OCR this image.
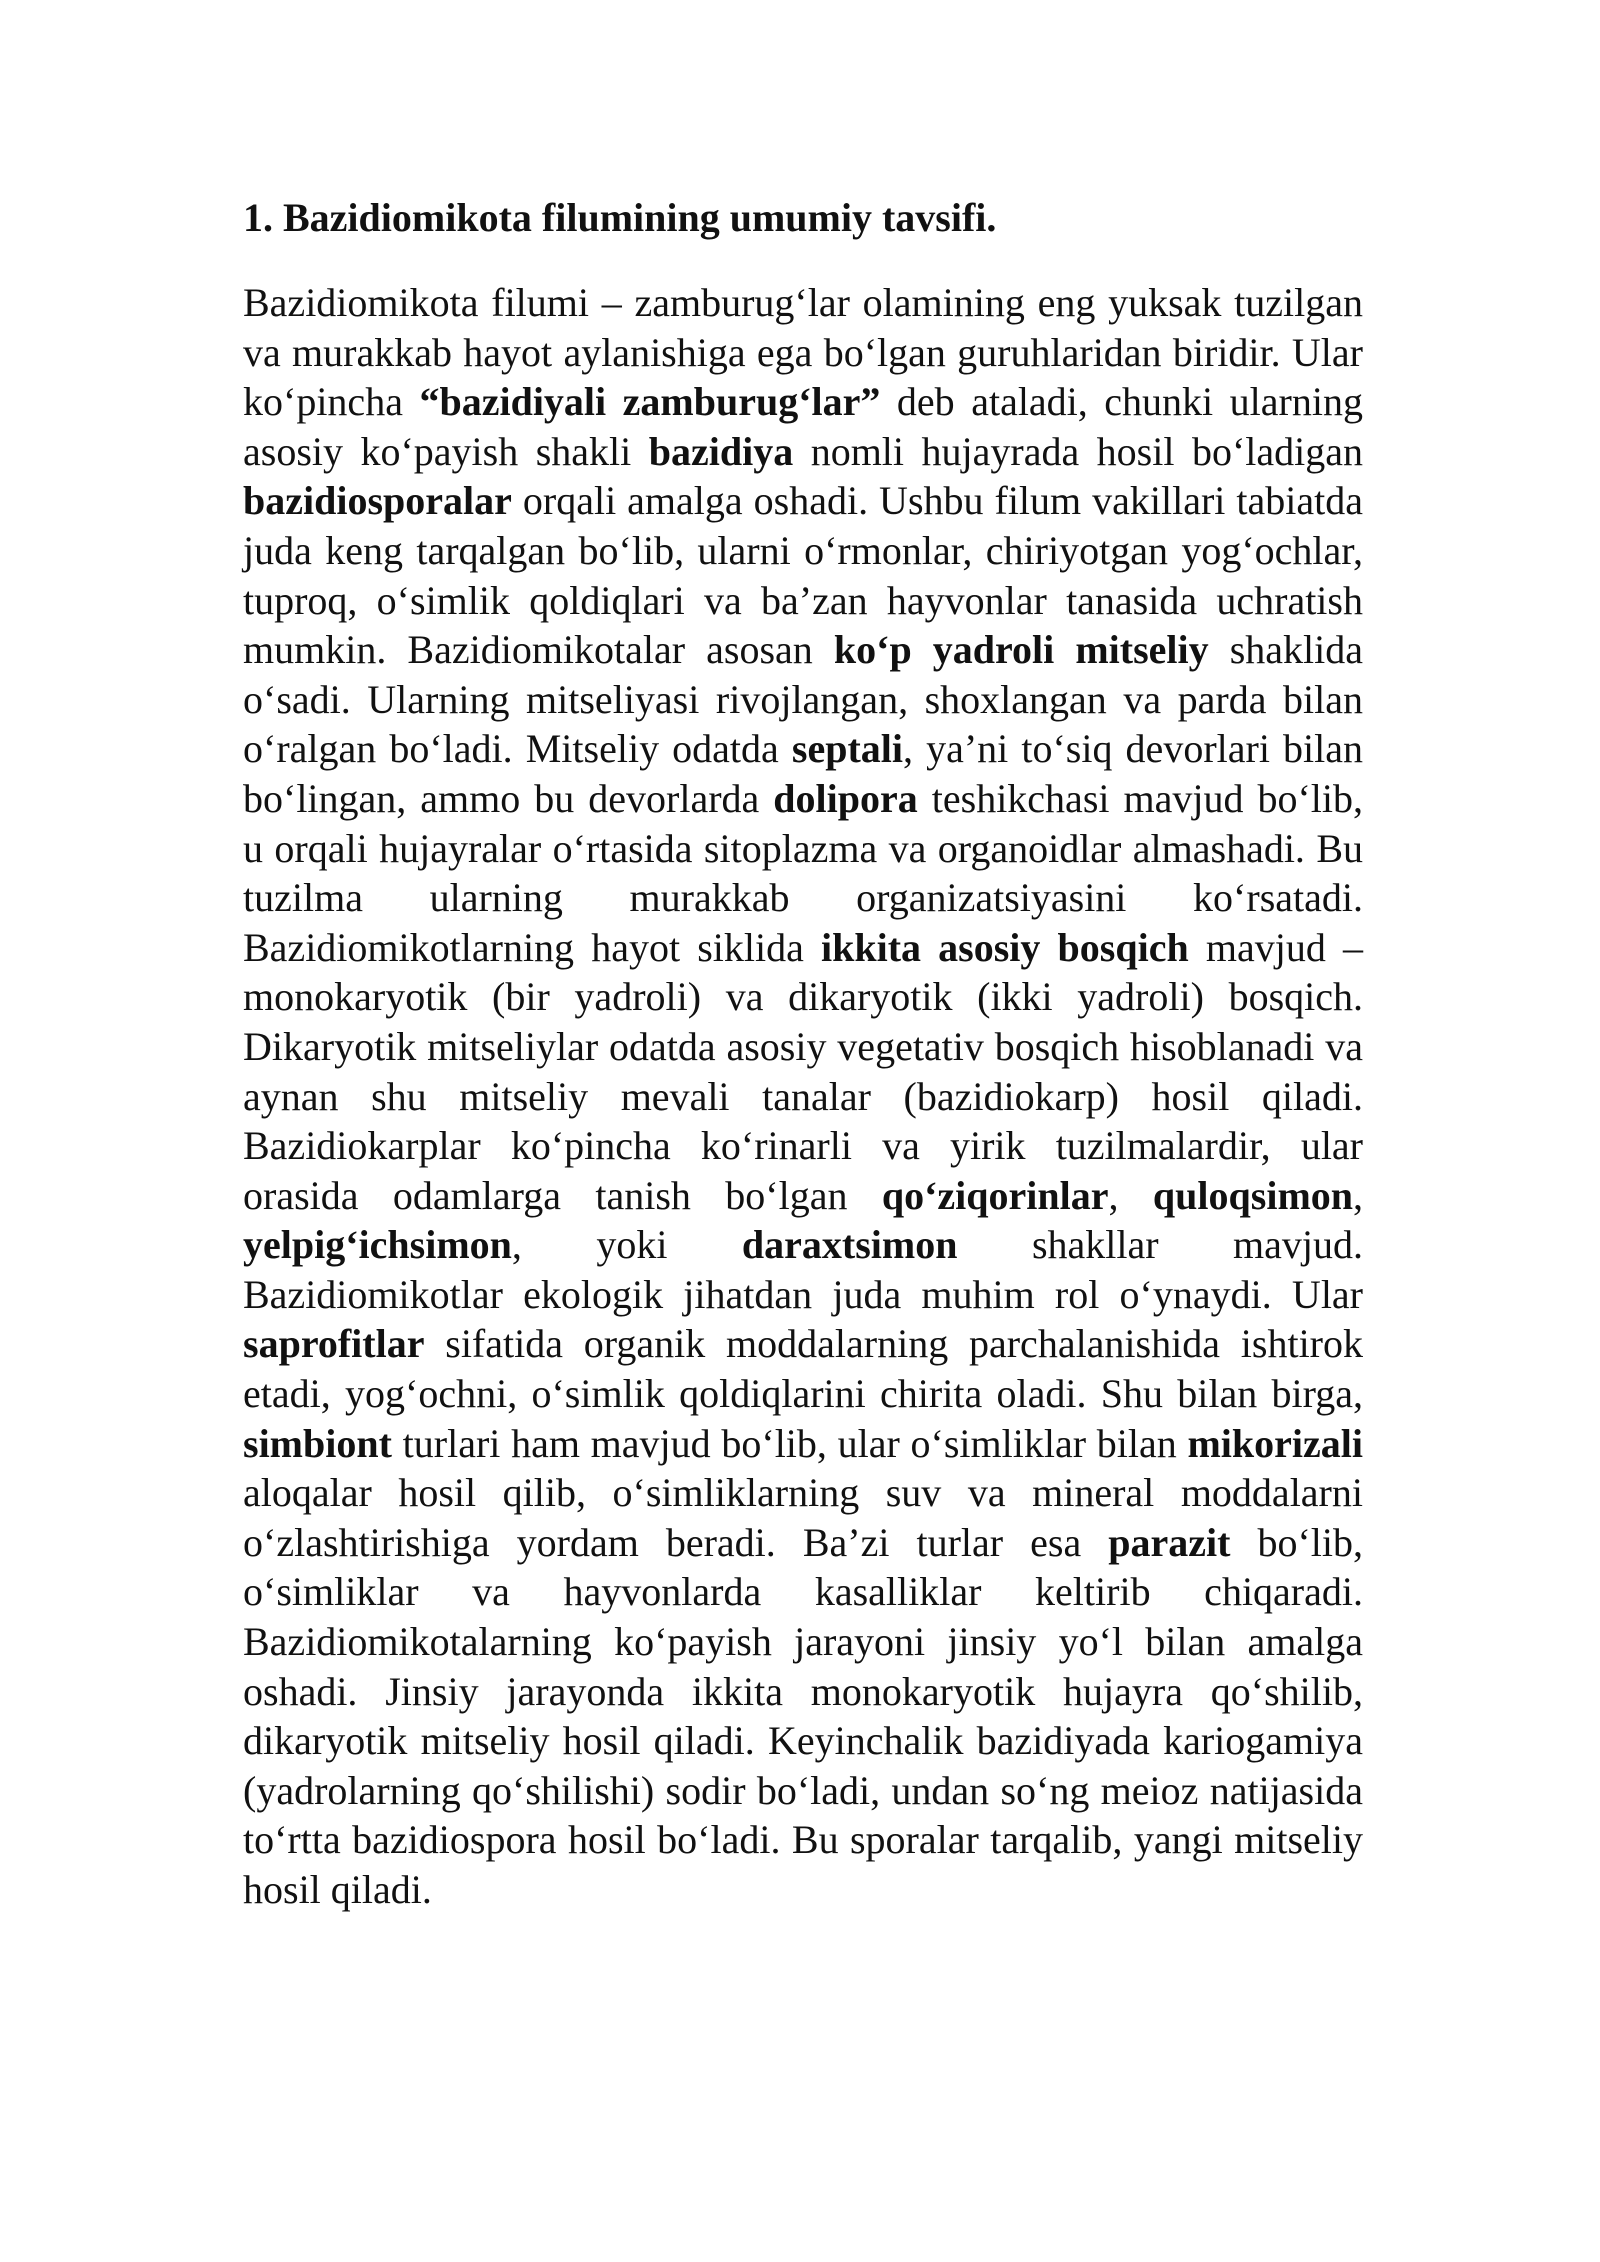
1. Bazidiomikota filumining umumiy tavsifi.

Bazidiomikota filumi – zamburug‘lar olamining eng yuksak tuzilgan va murakkab hayot aylanishiga ega bo‘lgan guruhlaridan biridir. Ular ko‘pincha “bazidiyali zamburug‘lar” deb ataladi, chunki ularning asosiy ko‘payish shakli bazidiya nomli hujayrada hosil bo‘ladigan bazidiosporalar orqali amalga oshadi. Ushbu filum vakillari tabiatda juda keng tarqalgan bo‘lib, ularni o‘rmonlar, chiriyotgan yog‘ochlar, tuproq, o‘simlik qoldiqlari va ba’zan hayvonlar tanasida uchratish mumkin. Bazidiomikotalar asosan ko‘p yadroli mitseliy shaklida o‘sadi. Ularning mitseliyasi rivojlangan, shoxlangan va parda bilan o‘ralgan bo‘ladi. Mitseliy odatda septali, ya’ni to‘siq devorlari bilan bo‘lingan, ammo bu devorlarda dolipora teshikchasi mavjud bo‘lib, u orqali hujayralar o‘rtasida sitoplazma va organoidlar almashadi. Bu tuzilma ularning murakkab organizatsiyasini ko‘rsatadi. Bazidiomikotlarning hayot siklida ikkita asosiy bosqich mavjud – monokaryotik (bir yadroli) va dikaryotik (ikki yadroli) bosqich. Dikaryotik mitseliylar odatda asosiy vegetativ bosqich hisoblanadi va aynan shu mitseliy mevali tanalar (bazidiokarp) hosil qiladi. Bazidiokarplar ko‘pincha ko‘rinarli va yirik tuzilmalardir, ular orasida odamlarga tanish bo‘lgan qo‘ziqorinlar, quloqsimon, yelpig‘ichsimon, yoki daraxtsimon shakllar mavjud. Bazidiomikotlar ekologik jihatdan juda muhim rol o‘ynaydi. Ular saprofitlar sifatida organik moddalarning parchalanishida ishtirok etadi, yog‘ochni, o‘simlik qoldiqlarini chirita oladi. Shu bilan birga, simbiont turlari ham mavjud bo‘lib, ular o‘simliklar bilan mikorizali aloqalar hosil qilib, o‘simliklarning suv va mineral moddalarni o‘zlashtirishiga yordam beradi. Ba’zi turlar esa parazit bo‘lib, o‘simliklar va hayvonlarda kasalliklar keltirib chiqaradi. Bazidiomikotalarning ko‘payish jarayoni jinsiy yo‘l bilan amalga oshadi. Jinsiy jarayonda ikkita monokaryotik hujayra qo‘shilib, dikaryotik mitseliy hosil qiladi. Keyinchalik bazidiyada kariogamiya (yadrolarning qo‘shilishi) sodir bo‘ladi, undan so‘ng meioz natijasida to‘rtta bazidiospora hosil bo‘ladi. Bu sporalar tarqalib, yangi mitseliy hosil qiladi.
